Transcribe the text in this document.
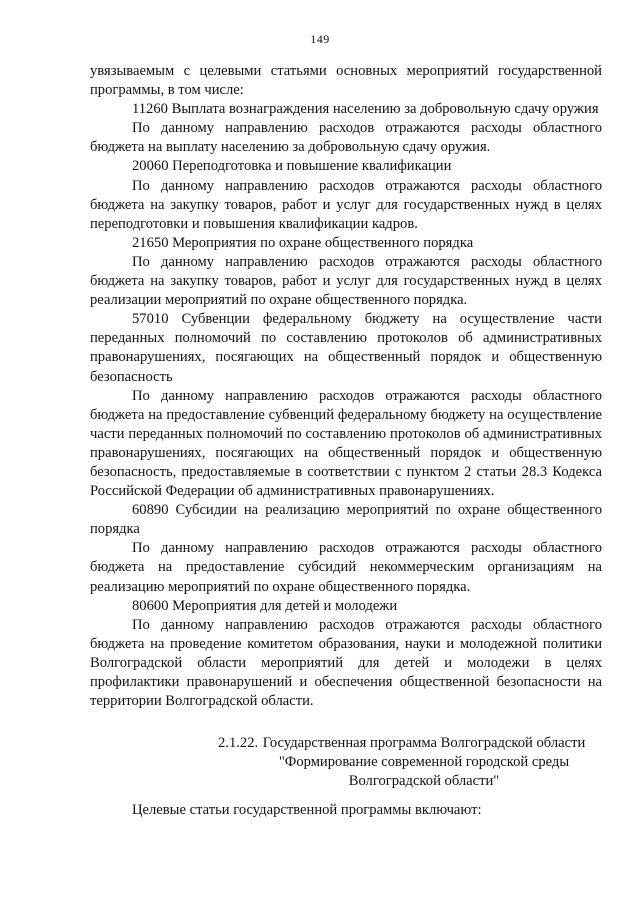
149

увязываемым с целевыми статьями основных мероприятий государственной программы, в том числе:

11260 Выплата вознаграждения населению за добровольную сдачу оружия

По данному направлению расходов отражаются расходы областного бюджета на выплату населению за добровольную сдачу оружия.

20060 Переподготовка и повышение квалификации

По данному направлению расходов отражаются расходы областного бюджета на закупку товаров, работ и услуг для государственных нужд в целях переподготовки и повышения квалификации кадров.

21650 Мероприятия по охране общественного порядка

По данному направлению расходов отражаются расходы областного бюджета на закупку товаров, работ и услуг для государственных нужд в целях реализации мероприятий по охране общественного порядка.

57010 Субвенции федеральному бюджету на осуществление части переданных полномочий по составлению протоколов об административных правонарушениях, посягающих на общественный порядок и общественную безопасность

По данному направлению расходов отражаются расходы областного бюджета на предоставление субвенций федеральному бюджету на осуществление части переданных полномочий по составлению протоколов об административных правонарушениях, посягающих на общественный порядок и общественную безопасность, предоставляемые в соответствии с пунктом 2 статьи 28.3 Кодекса Российской Федерации об административных правонарушениях.

60890 Субсидии на реализацию мероприятий по охране общественного порядка

По данному направлению расходов отражаются расходы областного бюджета на предоставление субсидий некоммерческим организациям на реализацию мероприятий по охране общественного порядка.

80600 Мероприятия для детей и молодежи

По данному направлению расходов отражаются расходы областного бюджета на проведение комитетом образования, науки и молодежной политики Волгоградской области мероприятий для детей и молодежи в целях профилактики правонарушений и обеспечения общественной безопасности на территории Волгоградской области.

2.1.22. Государственная программа Волгоградской области "Формирование современной городской среды Волгоградской области"
Целевые статьи государственной программы включают:
